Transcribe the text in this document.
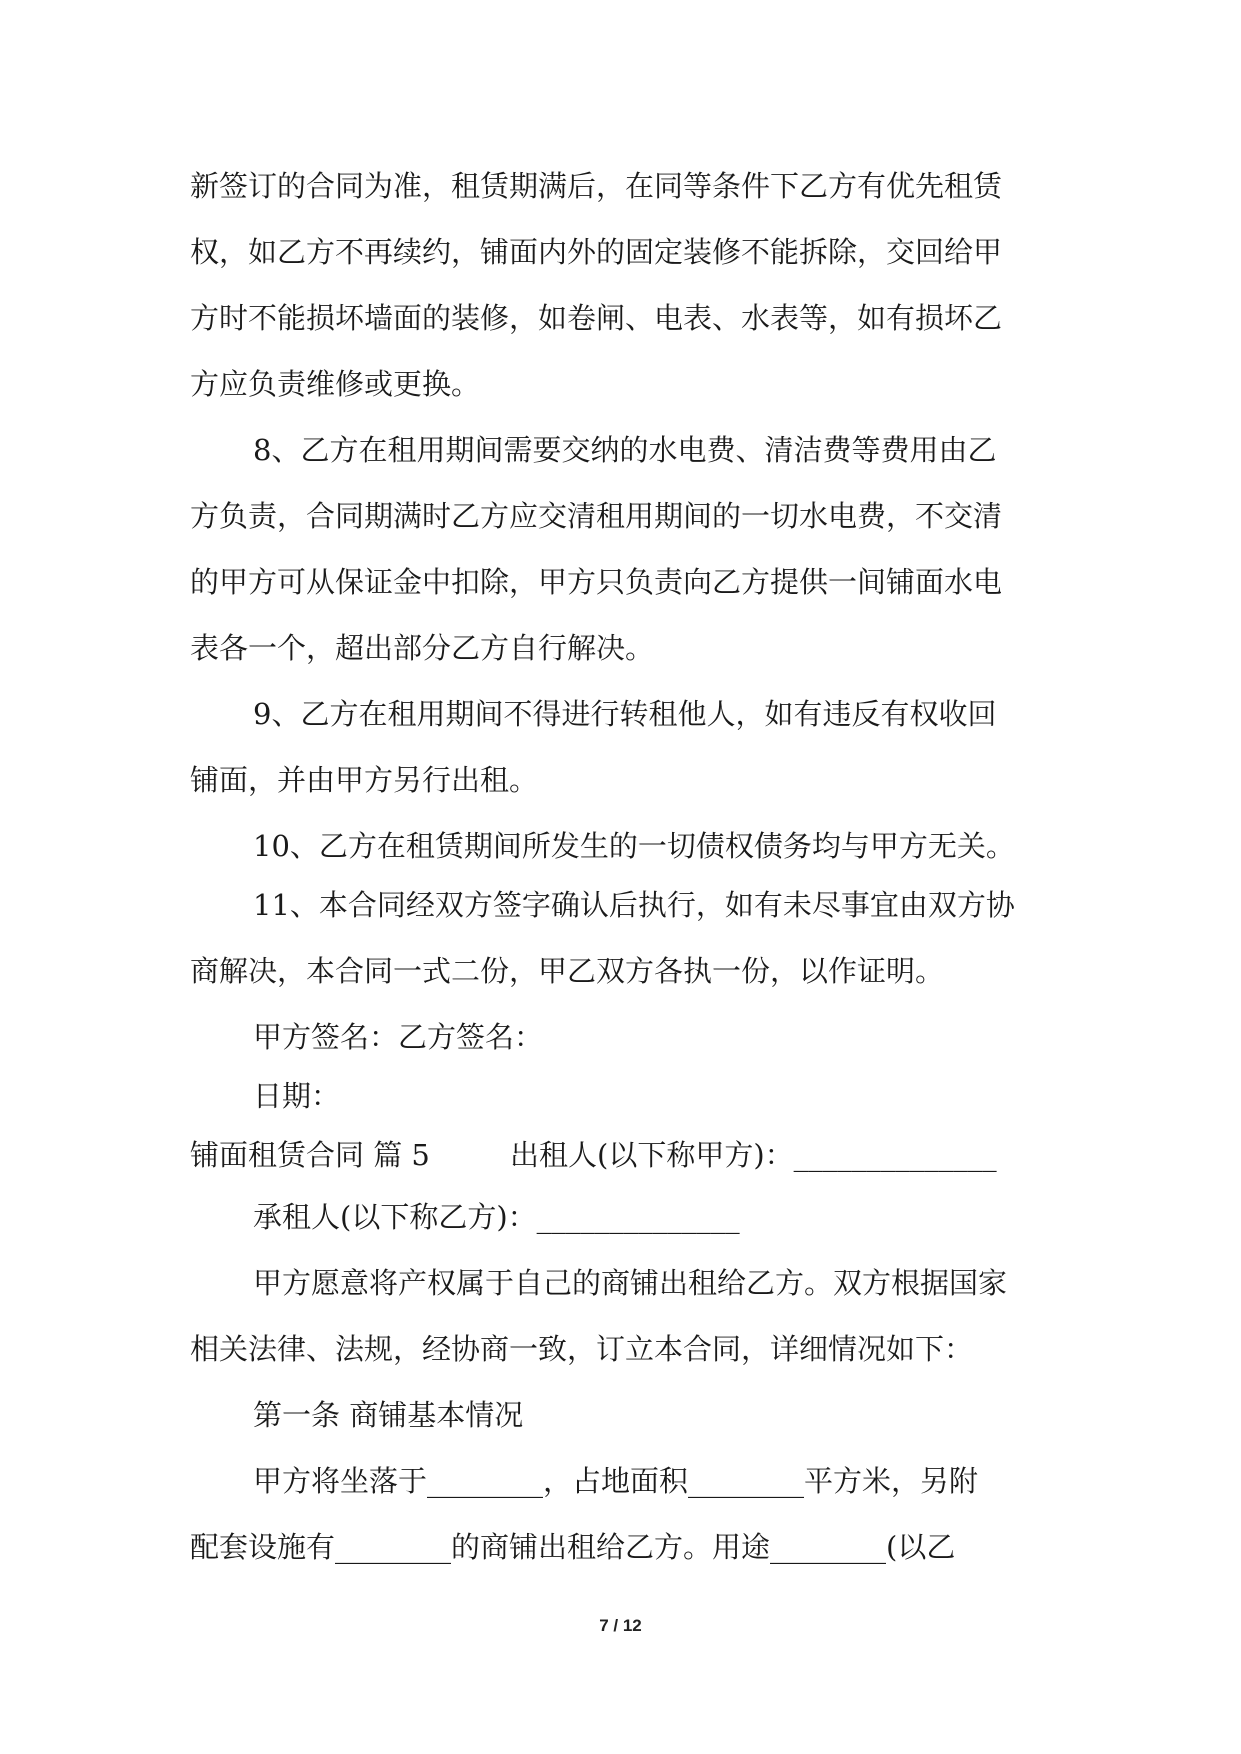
新签订的合同为准，租赁期满后，在同等条件下乙方有优先租赁
权，如乙方不再续约，铺面内外的固定装修不能拆除，交回给甲
方时不能损坏墙面的装修，如卷闸、电表、水表等，如有损坏乙
方应负责维修或更换。
8、乙方在租用期间需要交纳的水电费、清洁费等费用由乙
方负责，合同期满时乙方应交清租用期间的一切水电费，不交清
的甲方可从保证金中扣除，甲方只负责向乙方提供一间铺面水电
表各一个，超出部分乙方自行解决。
9、乙方在租用期间不得进行转租他人，如有违反有权收回
铺面，并由甲方另行出租。
10、乙方在租赁期间所发生的一切债权债务均与甲方无关。
11、本合同经双方签字确认后执行，如有未尽事宜由双方协
商解决，本合同一式二份，甲乙双方各执一份，以作证明。
甲方签名：乙方签名：
日期：
铺面租赁合同 篇 5	出租人(以下称甲方)：______________
承租人(以下称乙方)：______________
甲方愿意将产权属于自己的商铺出租给乙方。双方根据国家
相关法律、法规，经协商一致，订立本合同，详细情况如下：
第一条 商铺基本情况
甲方将坐落于________，占地面积________平方米，另附
配套设施有________的商铺出租给乙方。用途________(以乙
7 / 12
